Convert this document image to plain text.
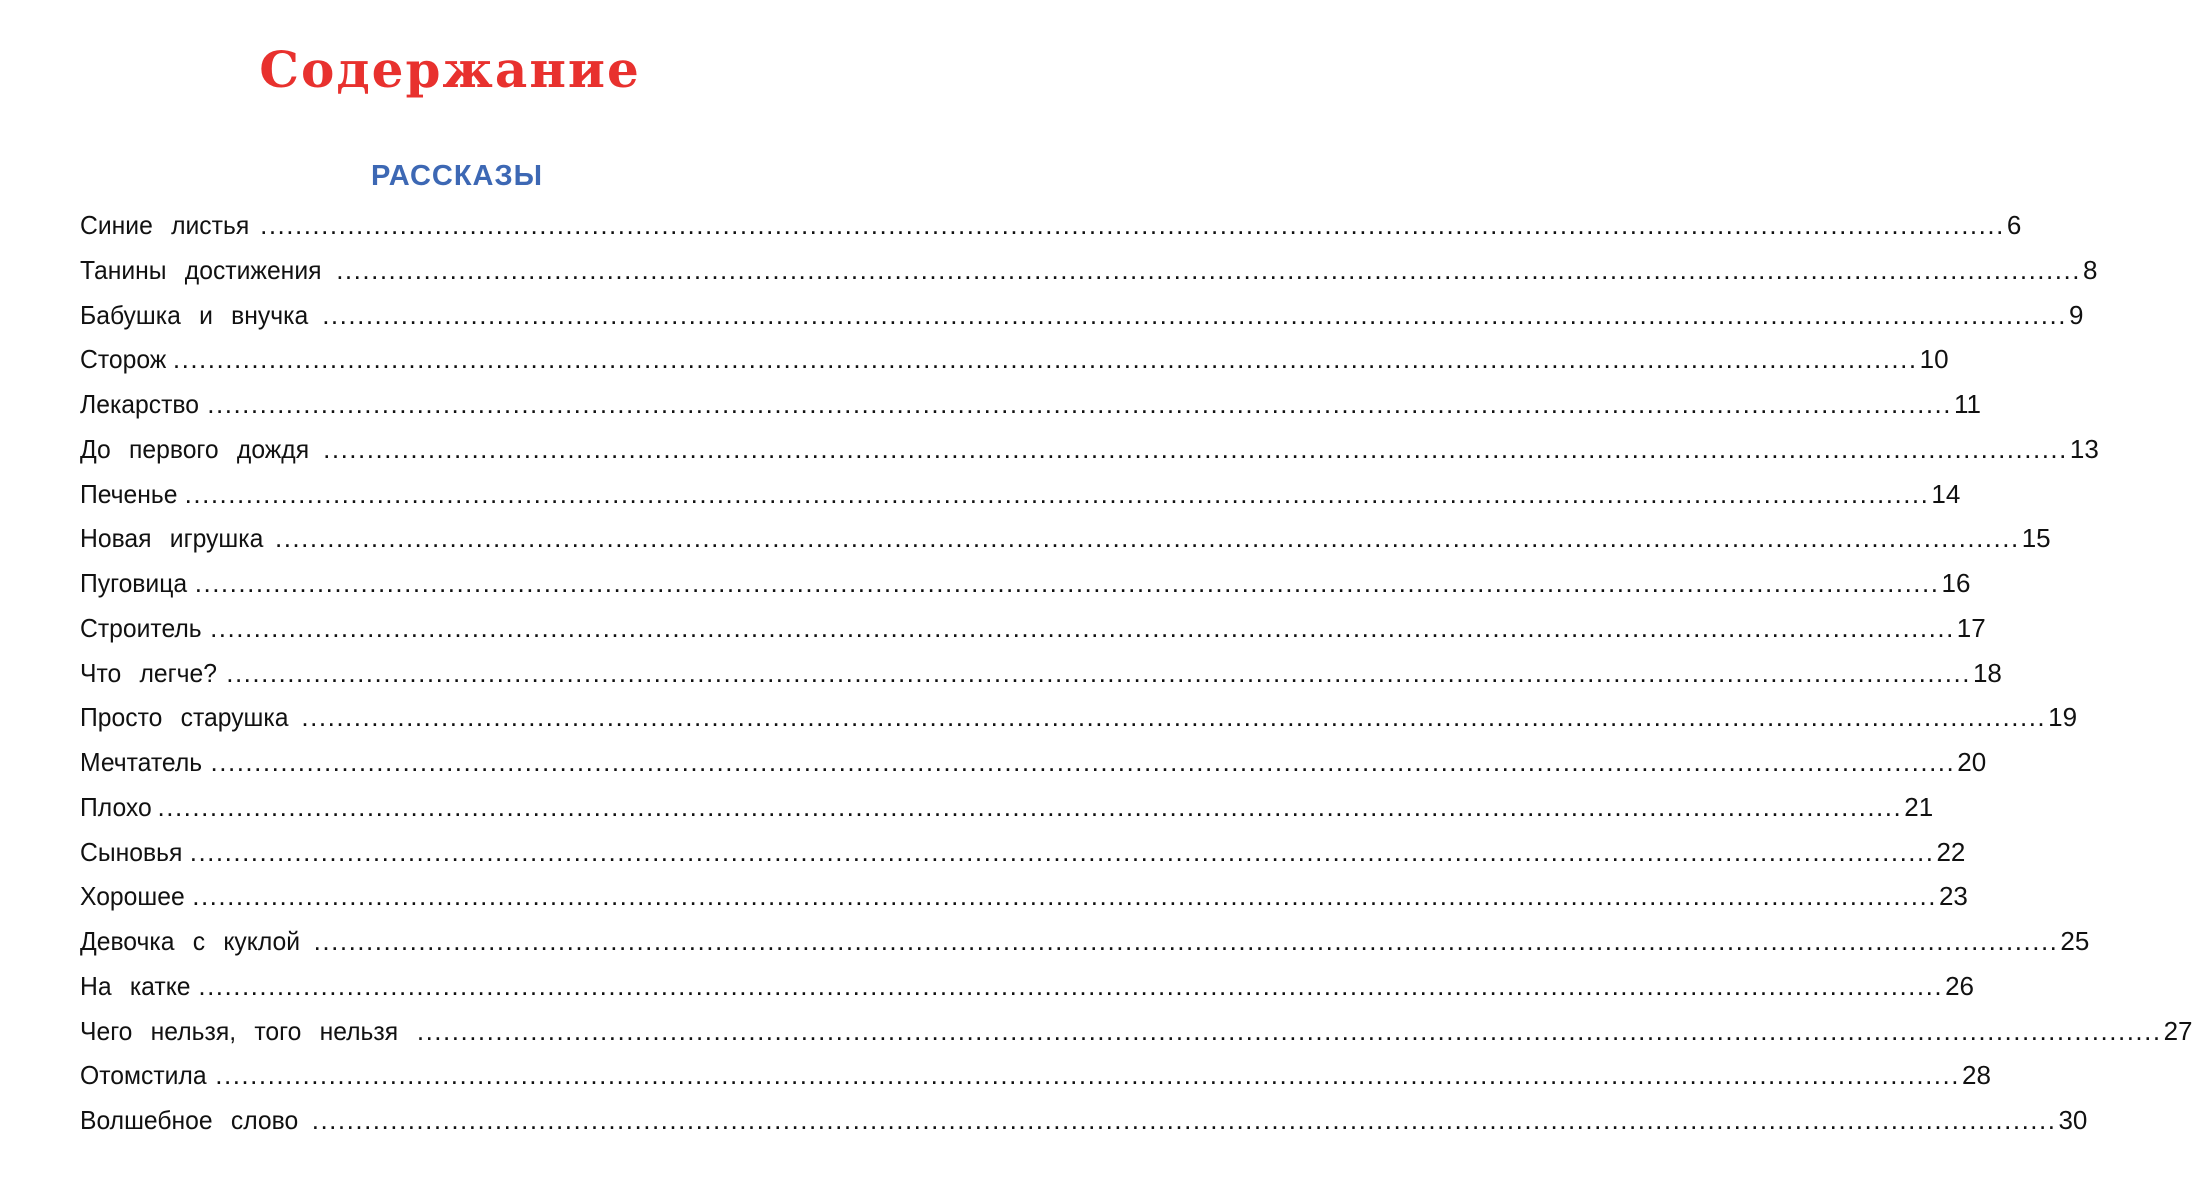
Содержание
РАССКАЗЫ
Синие листья ........................................................................................................................................................................................................ 6
Танины достижения ........................................................................................................................................................................................................ 8
Бабушка и внучка ........................................................................................................................................................................................................ 9
Сторож ........................................................................................................................................................................................................ 10
Лекарство ........................................................................................................................................................................................................ 11
До первого дождя ........................................................................................................................................................................................................ 13
Печенье ........................................................................................................................................................................................................ 14
Новая игрушка ........................................................................................................................................................................................................ 15
Пуговица ........................................................................................................................................................................................................ 16
Строитель ........................................................................................................................................................................................................ 17
Что легче? ........................................................................................................................................................................................................ 18
Просто старушка ........................................................................................................................................................................................................ 19
Мечтатель ........................................................................................................................................................................................................ 20
Плохо ........................................................................................................................................................................................................ 21
Сыновья ........................................................................................................................................................................................................ 22
Хорошее ........................................................................................................................................................................................................ 23
Девочка с куклой ........................................................................................................................................................................................................ 25
На катке ........................................................................................................................................................................................................ 26
Чего нельзя, того нельзя ........................................................................................................................................................................................................ 27
Отомстила ........................................................................................................................................................................................................ 28
Волшебное слово ........................................................................................................................................................................................................ 30
